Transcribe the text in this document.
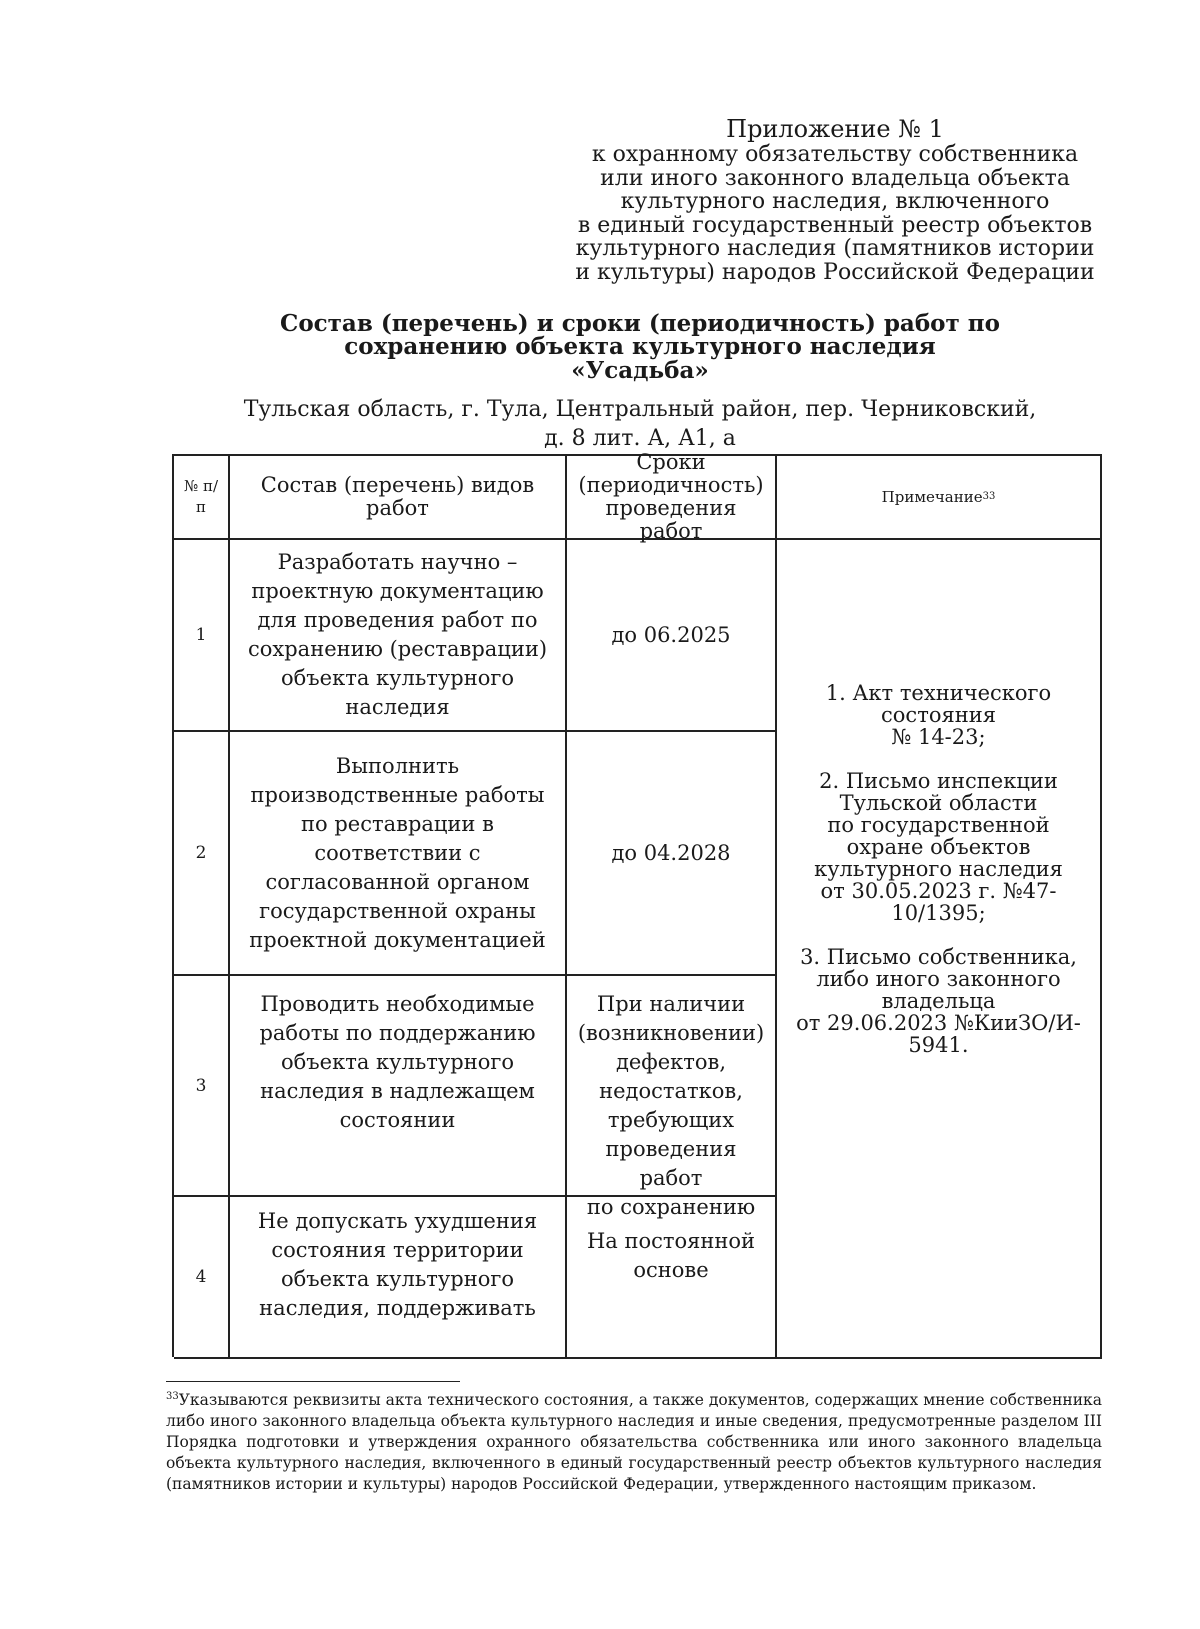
Приложение № 1
к охранному обязательству собственника
или иного законного владельца объекта
культурного наследия, включенного
в единый государственный реестр объектов
культурного наследия (памятников истории
и культуры) народов Российской Федерации
Состав (перечень) и сроки (периодичность) работ по сохранению объекта культурного наследия
«Усадьба»
Тульская область, г. Тула, Центральный район, пер. Черниковский,
д. 8 лит. А, А1, а
№ п/
п
Состав (перечень) видов
работ
Сроки
(периодичность)
проведения работ
Примечание 33
1
Разработать научно –
проектную документацию
для проведения работ по
сохранению (реставрации)
объекта культурного
наследия
до 06.2025
2
Выполнить
производственные работы
по реставрации в
соответствии с
согласованной органом
государственной охраны
проектной документацией
до 04.2028
3
Проводить необходимые
работы по поддержанию
объекта культурного
наследия в надлежащем
состоянии
При наличии
(возникновении)
дефектов,
недостатков,
требующих
проведения работ
по сохранению
4
Не допускать ухудшения
состояния территории
объекта культурного
наследия, поддерживать
На постоянной
основе
1. Акт технического
состояния
№ 14-23;

2. Письмо инспекции
Тульской области
по государственной
охране объектов
культурного наследия
от 30.05.2023 г. №47-
10/1395;

3. Письмо собственника,
либо иного законного
владельца
от 29.06.2023 №КииЗО/И-
5941.
$^{33}$Указываются реквизиты акта технического состояния, а также документов, содержащих мнение собственника либо иного законного владельца объекта культурного наследия и иные сведения, предусмотренные разделом III Порядка подготовки и утверждения охранного обязательства собственника или иного законного владельца объекта культурного наследия, включенного в единый государственный реестр объектов культурного наследия (памятников истории и культуры) народов Российской Федерации, утвержденного настоящим приказом.
